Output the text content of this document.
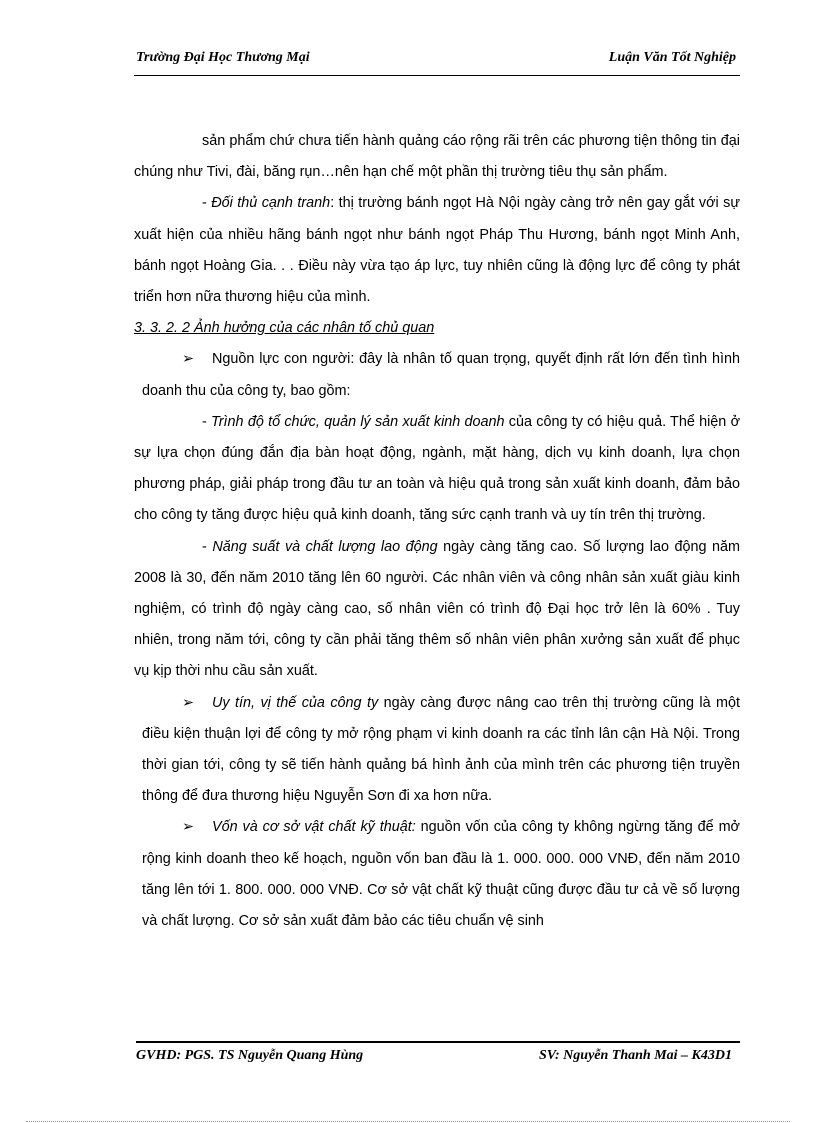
Trường Đại Học Thương Mại	Luận Văn Tốt Nghiệp

sản phẩm chứ chưa tiến hành quảng cáo rộng rãi trên các phương tiện thông tin đại chúng như Tivi, đài, băng rụn…nên hạn chế một phần thị trường tiêu thụ sản phẩm.

- Đối thủ cạnh tranh: thị trường bánh ngọt Hà Nội ngày càng trở nên gay gắt với sự xuất hiện của nhiều hãng bánh ngọt như bánh ngọt Pháp Thu Hương, bánh ngọt Minh Anh, bánh ngọt Hoàng Gia. . . Điều này vừa tạo áp lực, tuy nhiên cũng là động lực để công ty phát triển hơn nữa thương hiệu của mình.

3. 3. 2. 2 Ảnh hưởng của các nhân tố chủ quan

➢ Nguồn lực con người: đây là nhân tố quan trọng, quyết định rất lớn đến tình hình doanh thu của công ty, bao gồm:

- Trình độ tổ chức, quản lý sản xuất kinh doanh của công ty có hiệu quả. Thể hiện ở sự lựa chọn đúng đắn địa bàn hoạt động, ngành, mặt hàng, dịch vụ kinh doanh, lựa chọn phương pháp, giải pháp trong đầu tư an toàn và hiệu quả trong sản xuất kinh doanh, đảm bảo cho công ty tăng được hiệu quả kinh doanh, tăng sức cạnh tranh và uy tín trên thị trường.

- Năng suất và chất lượng lao động ngày càng tăng cao. Số lượng lao động năm 2008 là 30, đến năm 2010 tăng lên 60 người. Các nhân viên và công nhân sản xuất giàu kinh nghiệm, có trình độ ngày càng cao, số nhân viên có trình độ Đại học trở lên là 60% . Tuy nhiên, trong năm tới, công ty cần phải tăng thêm số nhân viên phân xưởng sản xuất để phục vụ kịp thời nhu cầu sản xuất.

➢ Uy tín, vị thế của công ty ngày càng được nâng cao trên thị trường cũng là một điều kiện thuận lợi để công ty mở rộng phạm vi kinh doanh ra các tỉnh lân cận Hà Nội. Trong thời gian tới, công ty sẽ tiến hành quảng bá hình ảnh của mình trên các phương tiện truyền thông để đưa thương hiệu Nguyễn Sơn đi xa hơn nữa.

➢ Vốn và cơ sở vật chất kỹ thuật: nguồn vốn của công ty không ngừng tăng để mở rộng kinh doanh theo kế hoạch, nguồn vốn ban đầu là 1. 000. 000. 000 VNĐ, đến năm 2010 tăng lên tới 1. 800. 000. 000 VNĐ. Cơ sở vật chất kỹ thuật cũng được đầu tư cả về số lượng và chất lượng. Cơ sở sản xuất đảm bảo các tiêu chuẩn vệ sinh

GVHD: PGS. TS Nguyễn Quang Hùng	SV: Nguyễn Thanh Mai – K43D1
